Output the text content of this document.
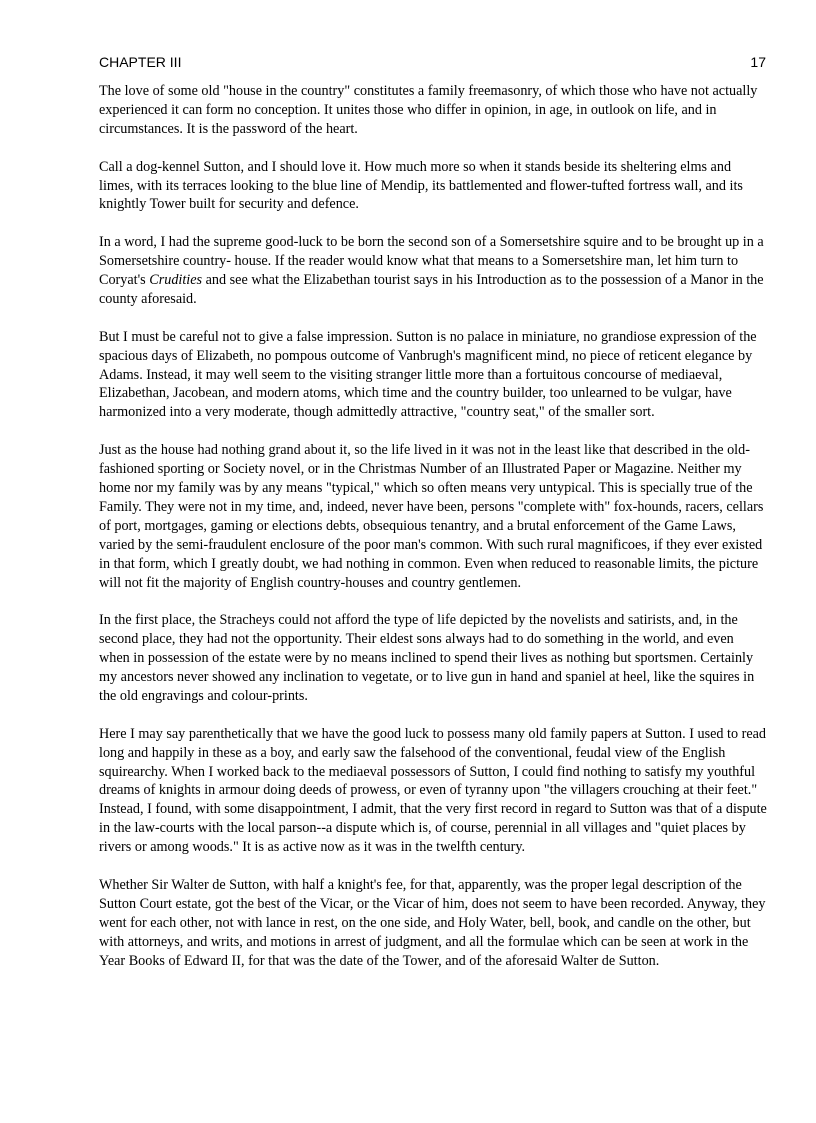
CHAPTER III	17

The love of some old "house in the country" constitutes a family freemasonry, of which those who have not actually experienced it can form no conception. It unites those who differ in opinion, in age, in outlook on life, and in circumstances. It is the password of the heart.

Call a dog-kennel Sutton, and I should love it. How much more so when it stands beside its sheltering elms and limes, with its terraces looking to the blue line of Mendip, its battlemented and flower-tufted fortress wall, and its knightly Tower built for security and defence.

In a word, I had the supreme good-luck to be born the second son of a Somersetshire squire and to be brought up in a Somersetshire country- house. If the reader would know what that means to a Somersetshire man, let him turn to Coryat's Crudities and see what the Elizabethan tourist says in his Introduction as to the possession of a Manor in the county aforesaid.

But I must be careful not to give a false impression. Sutton is no palace in miniature, no grandiose expression of the spacious days of Elizabeth, no pompous outcome of Vanbrugh's magnificent mind, no piece of reticent elegance by Adams. Instead, it may well seem to the visiting stranger little more than a fortuitous concourse of mediaeval, Elizabethan, Jacobean, and modern atoms, which time and the country builder, too unlearned to be vulgar, have harmonized into a very moderate, though admittedly attractive, "country seat," of the smaller sort.

Just as the house had nothing grand about it, so the life lived in it was not in the least like that described in the old-fashioned sporting or Society novel, or in the Christmas Number of an Illustrated Paper or Magazine. Neither my home nor my family was by any means "typical," which so often means very untypical. This is specially true of the Family. They were not in my time, and, indeed, never have been, persons "complete with" fox-hounds, racers, cellars of port, mortgages, gaming or elections debts, obsequious tenantry, and a brutal enforcement of the Game Laws, varied by the semi-fraudulent enclosure of the poor man's common. With such rural magnificoes, if they ever existed in that form, which I greatly doubt, we had nothing in common. Even when reduced to reasonable limits, the picture will not fit the majority of English country-houses and country gentlemen.

In the first place, the Stracheys could not afford the type of life depicted by the novelists and satirists, and, in the second place, they had not the opportunity. Their eldest sons always had to do something in the world, and even when in possession of the estate were by no means inclined to spend their lives as nothing but sportsmen. Certainly my ancestors never showed any inclination to vegetate, or to live gun in hand and spaniel at heel, like the squires in the old engravings and colour-prints.

Here I may say parenthetically that we have the good luck to possess many old family papers at Sutton. I used to read long and happily in these as a boy, and early saw the falsehood of the conventional, feudal view of the English squirearchy. When I worked back to the mediaeval possessors of Sutton, I could find nothing to satisfy my youthful dreams of knights in armour doing deeds of prowess, or even of tyranny upon "the villagers crouching at their feet." Instead, I found, with some disappointment, I admit, that the very first record in regard to Sutton was that of a dispute in the law-courts with the local parson--a dispute which is, of course, perennial in all villages and "quiet places by rivers or among woods." It is as active now as it was in the twelfth century.

Whether Sir Walter de Sutton, with half a knight's fee, for that, apparently, was the proper legal description of the Sutton Court estate, got the best of the Vicar, or the Vicar of him, does not seem to have been recorded. Anyway, they went for each other, not with lance in rest, on the one side, and Holy Water, bell, book, and candle on the other, but with attorneys, and writs, and motions in arrest of judgment, and all the formulae which can be seen at work in the Year Books of Edward II, for that was the date of the Tower, and of the aforesaid Walter de Sutton.
